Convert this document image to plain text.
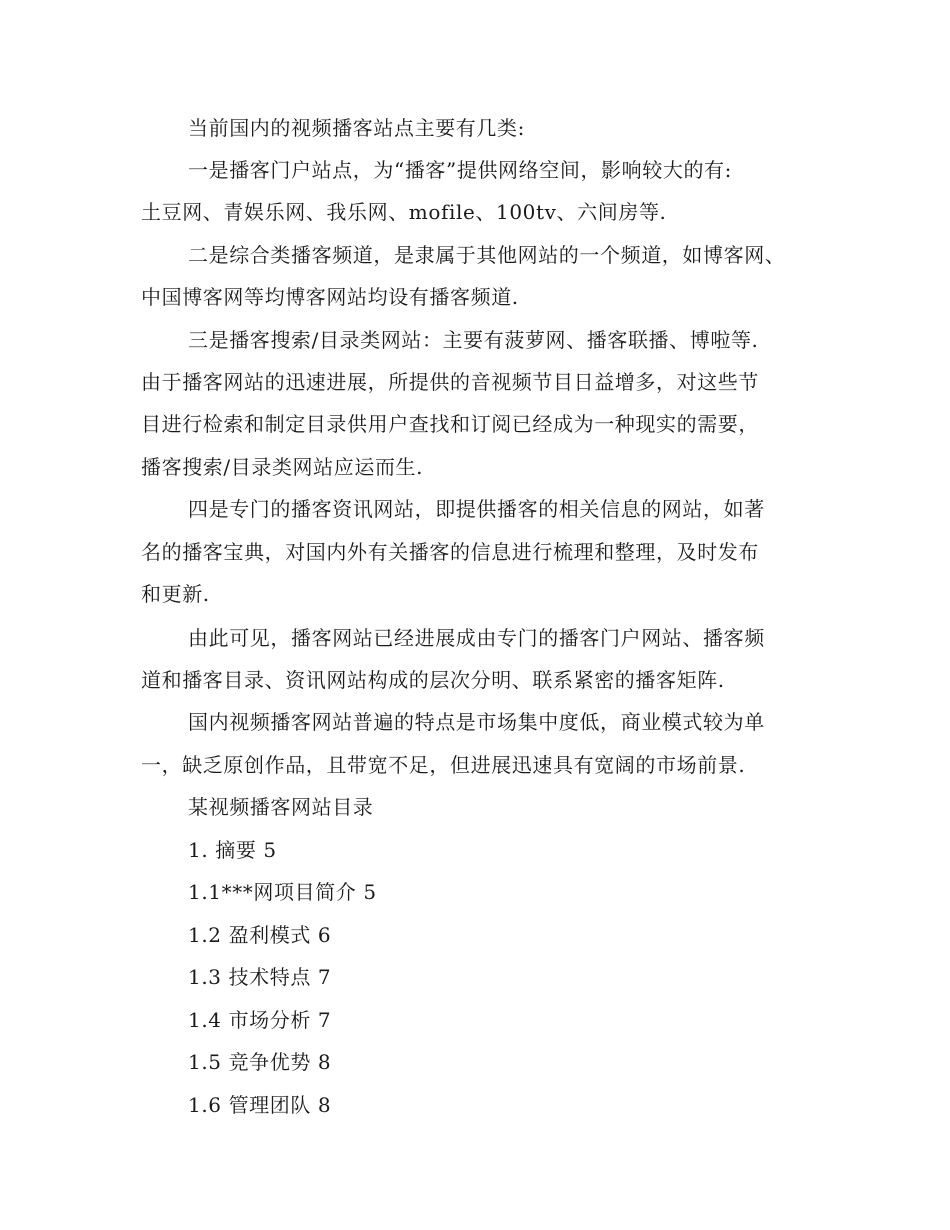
当前国内的视频播客站点主要有几类:
一是播客门户站点，为“播客”提供网络空间，影响较大的有:
土豆网、青娱乐网、我乐网、mofile、100tv、六间房等.
二是综合类播客频道，是隶属于其他网站的一个频道，如博客网、
中国博客网等均博客网站均设有播客频道.
三是播客搜索/目录类网站：主要有菠萝网、播客联播、博啦等.
由于播客网站的迅速进展，所提供的音视频节目日益增多，对这些节
目进行检索和制定目录供用户查找和订阅已经成为一种现实的需要，
播客搜索/目录类网站应运而生.
四是专门的播客资讯网站，即提供播客的相关信息的网站，如著
名的播客宝典，对国内外有关播客的信息进行梳理和整理，及时发布
和更新.
由此可见，播客网站已经进展成由专门的播客门户网站、播客频
道和播客目录、资讯网站构成的层次分明、联系紧密的播客矩阵.
国内视频播客网站普遍的特点是市场集中度低，商业模式较为单
一，缺乏原创作品，且带宽不足，但进展迅速具有宽阔的市场前景.
某视频播客网站目录
1. 摘要 5
1.1***网项目简介 5
1.2 盈利模式 6
1.3 技术特点 7
1.4 市场分析 7
1.5 竞争优势 8
1.6 管理团队 8
